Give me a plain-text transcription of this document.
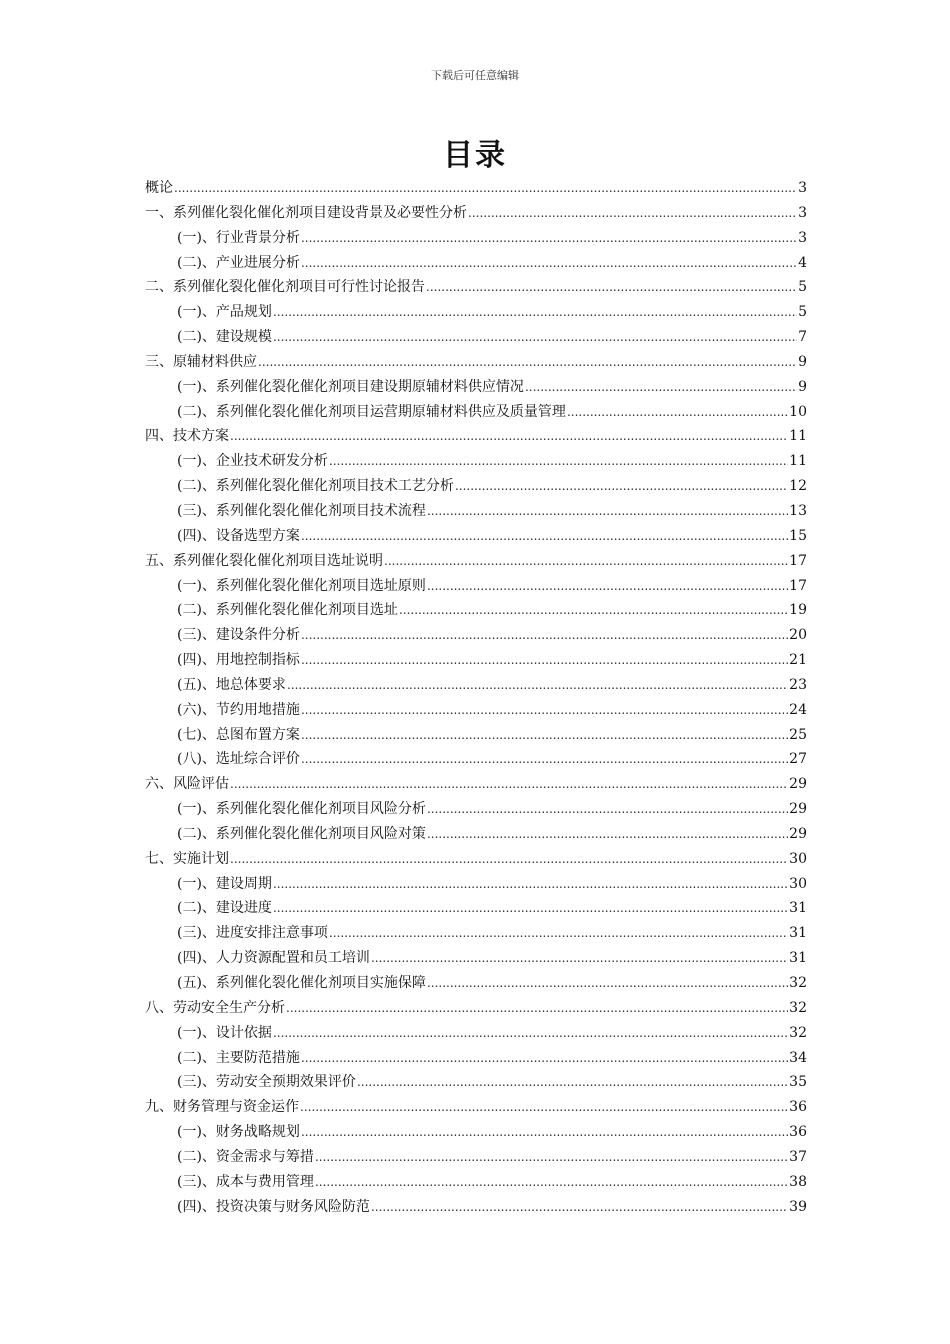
下载后可任意编辑
目录
概论 .....	3
一、系列催化裂化催化剂项目建设背景及必要性分析 .....	3
(一)、行业背景分析 .....	3
(二)、产业进展分析 .....	4
二、系列催化裂化催化剂项目可行性讨论报告 .....	5
(一)、产品规划 .....	5
(二)、建设规模 .....	7
三、原辅材料供应 .....	9
(一)、系列催化裂化催化剂项目建设期原辅材料供应情况 .....	9
(二)、系列催化裂化催化剂项目运营期原辅材料供应及质量管理 .....	10
四、技术方案 .....	11
(一)、企业技术研发分析 .....	11
(二)、系列催化裂化催化剂项目技术工艺分析 .....	12
(三)、系列催化裂化催化剂项目技术流程 .....	13
(四)、设备选型方案 .....	15
五、系列催化裂化催化剂项目选址说明 .....	17
(一)、系列催化裂化催化剂项目选址原则 .....	17
(二)、系列催化裂化催化剂项目选址 .....	19
(三)、建设条件分析 .....	20
(四)、用地控制指标 .....	21
(五)、地总体要求 .....	23
(六)、节约用地措施 .....	24
(七)、总图布置方案 .....	25
(八)、选址综合评价 .....	27
六、风险评估 .....	29
(一)、系列催化裂化催化剂项目风险分析 .....	29
(二)、系列催化裂化催化剂项目风险对策 .....	29
七、实施计划 .....	30
(一)、建设周期 .....	30
(二)、建设进度 .....	31
(三)、进度安排注意事项 .....	31
(四)、人力资源配置和员工培训 .....	31
(五)、系列催化裂化催化剂项目实施保障 .....	32
八、劳动安全生产分析 .....	32
(一)、设计依据 .....	32
(二)、主要防范措施 .....	34
(三)、劳动安全预期效果评价 .....	35
九、财务管理与资金运作 .....	36
(一)、财务战略规划 .....	36
(二)、资金需求与筹措 .....	37
(三)、成本与费用管理 .....	38
(四)、投资决策与财务风险防范 .....	39
